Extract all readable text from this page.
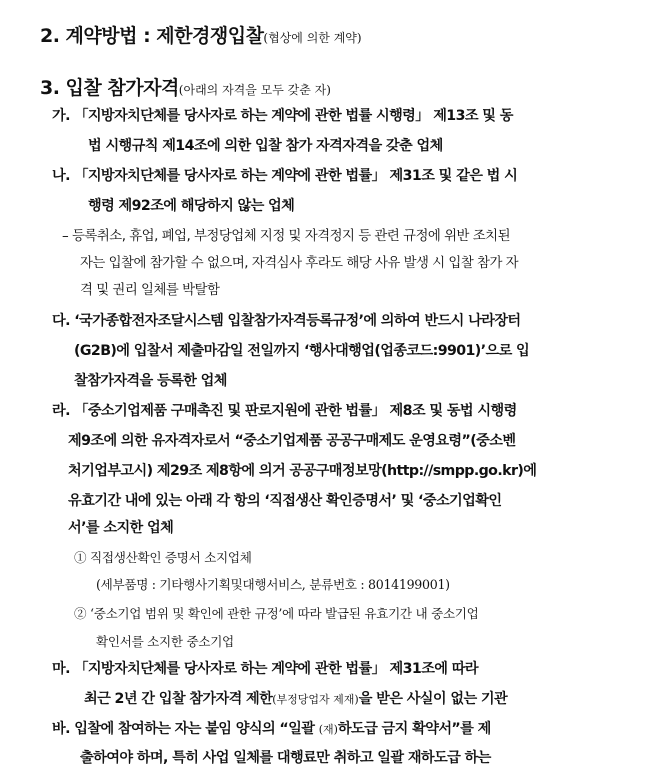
2. 계약방법 : 제한경쟁입찰(협상에 의한 계약)
3. 입찰 참가자격(아래의 자격을 모두 갖춘 자)
가. 「지방자치단체를 당사자로 하는 계약에 관한 법률 시행령」 제13조 및 동
법 시행규칙 제14조에 의한 입찰 참가 자격자격을 갖춘 업체
나. 「지방자치단체를 당사자로 하는 계약에 관한 법률」 제31조 및 같은 법 시
행령 제92조에 해당하지 않는 업체
– 등록취소, 휴업, 폐업, 부정당업체 지정 및 자격정지 등 관련 규정에 위반 조치된
자는 입찰에 참가할 수 없으며, 자격심사 후라도 해당 사유 발생 시 입찰 참가 자
격 및 권리 일체를 박탈함
다. ‘국가종합전자조달시스템 입찰참가자격등록규정’에 의하여 반드시 나라장터
(G2B)에 입찰서 제출마감일 전일까지 ‘행사대행업(업종코드:9901)’으로 입
찰참가자격을 등록한 업체
라. 「중소기업제품 구매촉진 및 판로지원에 관한 법률」 제8조 및 동법 시행령
제9조에 의한 유자격자로서 “중소기업제품 공공구매제도 운영요령”(중소벤
처기업부고시) 제29조 제8항에 의거 공공구매정보망(http://smpp.go.kr)에
유효기간 내에 있는 아래 각 항의 ‘직접생산 확인증명서’ 및 ‘중소기업확인
서’를 소지한 업체
① 직접생산확인 증명서 소지업체
(세부품명 : 기타행사기획및대행서비스, 분류번호 : 8014199001)
② ‘중소기업 범위 및 확인에 관한 규정’에 따라 발급된 유효기간 내 중소기업
확인서를 소지한 중소기업
마. 「지방자치단체를 당사자로 하는 계약에 관한 법률」 제31조에 따라
최근 2년 간 입찰 참가자격 제한(부정당업자 제재)을 받은 사실이 없는 기관
바. 입찰에 참여하는 자는 붙임 양식의 “일괄 (재)하도급 금지 확약서”를 제
출하여야 하며, 특히 사업 일체를 대행료만 취하고 일괄 재하도급 하는
